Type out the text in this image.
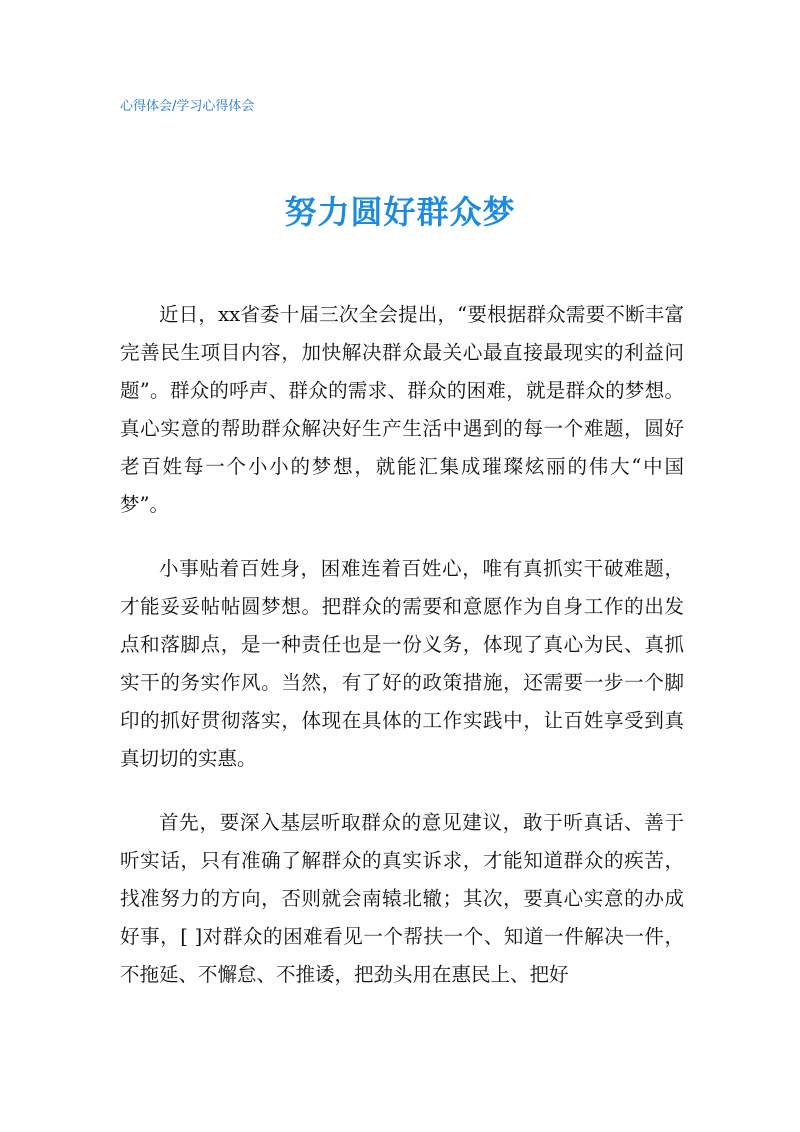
心得体会/学习心得体会
努力圆好群众梦

近日，xx省委十届三次全会提出，“要根据群众需要不断丰富完善民生项目内容，加快解决群众最关心最直接最现实的利益问题”。群众的呼声、群众的需求、群众的困难，就是群众的梦想。真心实意的帮助群众解决好生产生活中遇到的每一个难题，圆好老百姓每一个小小的梦想，就能汇集成璀璨炫丽的伟大“中国梦”。

小事贴着百姓身，困难连着百姓心，唯有真抓实干破难题，才能妥妥帖帖圆梦想。把群众的需要和意愿作为自身工作的出发点和落脚点，是一种责任也是一份义务，体现了真心为民、真抓实干的务实作风。当然，有了好的政策措施，还需要一步一个脚印的抓好贯彻落实，体现在具体的工作实践中，让百姓享受到真真切切的实惠。

首先，要深入基层听取群众的意见建议，敢于听真话、善于听实话，只有准确了解群众的真实诉求，才能知道群众的疾苦，找准努力的方向，否则就会南辕北辙；其次，要真心实意的办成好事，[ ]对群众的困难看见一个帮扶一个、知道一件解决一件，不拖延、不懈怠、不推诿，把劲头用在惠民上、把好
